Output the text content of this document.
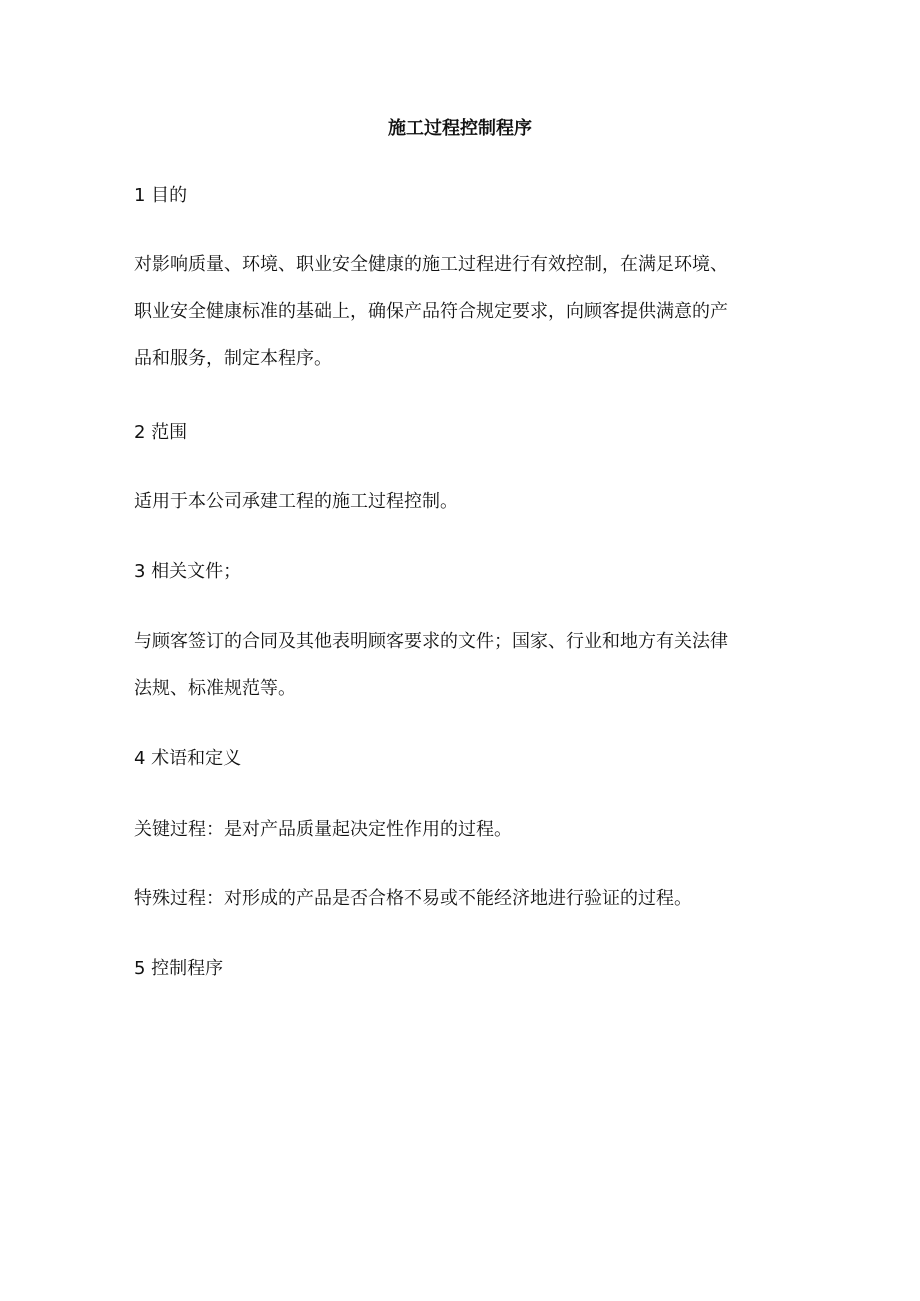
施工过程控制程序

1 目的

对影响质量、环境、职业安全健康的施工过程进行有效控制，在满足环境、
职业安全健康标准的基础上，确保产品符合规定要求，向顾客提供满意的产
品和服务，制定本程序。

2 范围

适用于本公司承建工程的施工过程控制。

3 相关文件；

与顾客签订的合同及其他表明顾客要求的文件；国家、行业和地方有关法律
法规、标准规范等。

4 术语和定义

关键过程：是对产品质量起决定性作用的过程。

特殊过程：对形成的产品是否合格不易或不能经济地进行验证的过程。

5 控制程序
